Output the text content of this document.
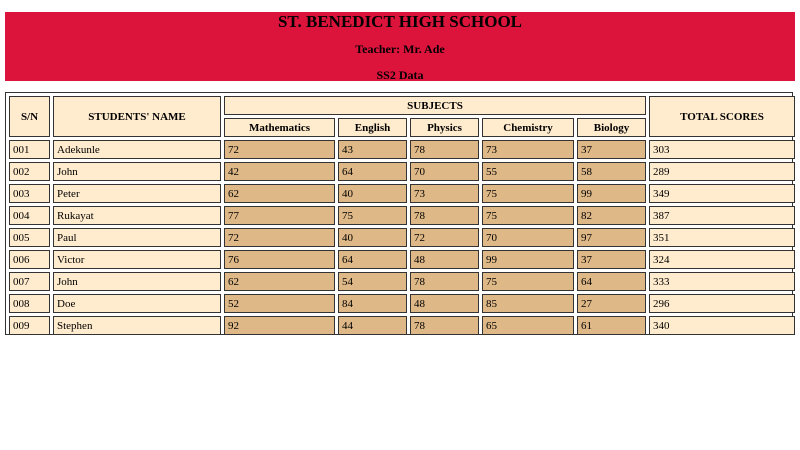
ST. BENEDICT HIGH SCHOOL
Teacher: Mr. Ade
SS2 Data
S/N	STUDENTS' NAME	SUBJECTS					TOTAL SCORES
		Mathematics	English	Physics	Chemistry	Biology	
001	Adekunle	72	43	78	73	37	303
002	John	42	64	70	55	58	289
003	Peter	62	40	73	75	99	349
004	Rukayat	77	75	78	75	82	387
005	Paul	72	40	72	70	97	351
006	Victor	76	64	48	99	37	324
007	John	62	54	78	75	64	333
008	Doe	52	84	48	85	27	296
009	Stephen	92	44	78	65	61	340
